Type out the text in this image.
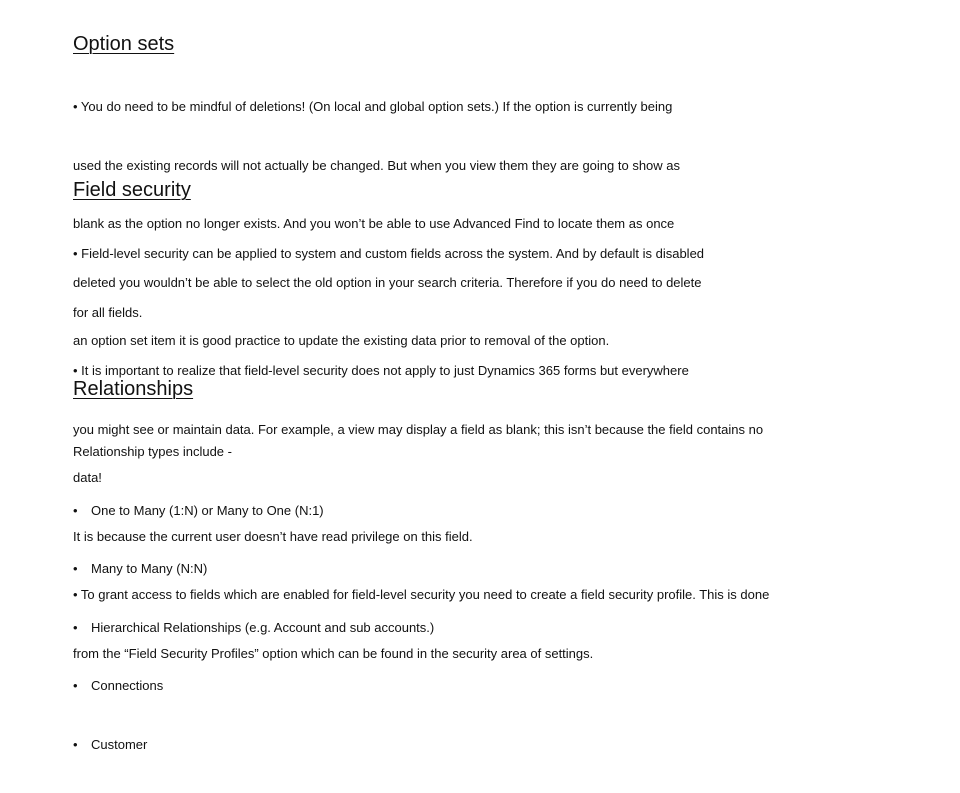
Option sets

• You do need to be mindful of deletions! (On local and global option sets.) If the option is currently being

used the existing records will not actually be changed. But when you view them they are going to show as

blank as the option no longer exists. And you won’t be able to use Advanced Find to locate them as once

deleted you wouldn’t be able to select the old option in your search criteria. Therefore if you do need to delete

an option set item it is good practice to update the existing data prior to removal of the option.

Field security

• Field-level security can be applied to system and custom fields across the system. And by default is disabled

for all fields.

• It is important to realize that field-level security does not apply to just Dynamics 365 forms but everywhere

you might see or maintain data. For example, a view may display a field as blank; this isn’t because the field contains no

data!

It is because the current user doesn’t have read privilege on this field.

• To grant access to fields which are enabled for field-level security you need to create a field security profile. This is done

from the “Field Security Profiles” option which can be found in the security area of settings.

Relationships

Relationship types include -

• One to Many (1:N) or Many to One (N:1)

• Many to Many (N:N)

• Hierarchical Relationships (e.g. Account and sub accounts.)

• Connections

• Customer
